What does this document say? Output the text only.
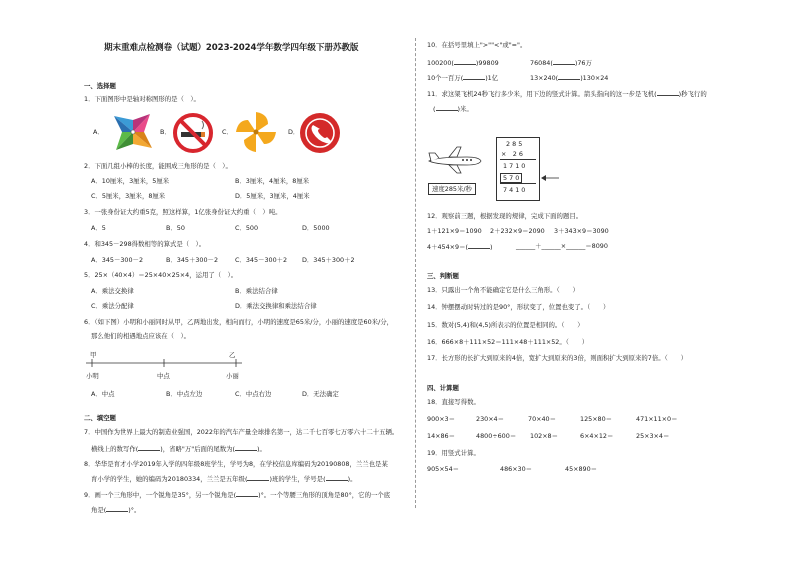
期末重难点检测卷（试题）2023-2024学年数学四年级下册苏教版
一、选择题
1．下面图形中是轴对称图形的是（　）。
A．	B．	C．	D．
2．下面几组小棒的长度，能围成三角形的是（　）。
A．10厘米，3厘米，5厘米	B．3厘米，4厘米，8厘米
C．5厘米，3厘米，8厘米	D．5厘米，3厘米，4厘米
3．一张身份证大约重5克，照这样算，1亿张身份证大约重（　）吨。
A．5	B．50	C．500	D．5000
4．和345－298得数相等的算式是（　）。
A．345－300－2	B．345＋300－2	C．345－300＋2 D．345＋300＋2
5．25×（40×4）＝25×40×25×4，运用了（　）。
A．乘法交换律	B．乘法结合律
C．乘法分配律	D．乘法交换律和乘法结合律
6．（如下图）小明和小丽同时从甲，乙两地出发，相向而行，小明的速度是65米/分，小丽的速度是60米/分，
那么他们的相遇地点应该在（　）。
甲	乙
小明	中点	小丽
A．中点	B．中点左边	C．中点右边	D．无法确定
二、填空题
7．中国作为世界上最大的制造业强国，2022年的汽车产量全球排名第一，达二千七百零七万零六十二十五辆。
横线上的数写作(	)，省略"万"后面的尾数为(	)。
8．华华是育才小学2019年入学的四年级8班学生，学号为8，在学校信息库编码为20190808，兰兰也是某
育小学的学生，她的编码为20180334，兰兰是五年级(	)班的学生，学号是(	)。
9．画一个三角形中，一个锐角是35°，另一个锐角是(	)°。一个等腰三角形的顶角是80°，它的一个底
角是(	)°。
10．在括号里填上">""<"或"="。
100200(	)99809	76084(	)76万
10个一百万(	)1亿	13×240(	)130×24
11．求这架飞机24秒飞行多少米，用下边的竖式计算。箭头指向的这一步是飞机(	)秒飞行的
(	)米。
速度285米/秒
2 8 5
×　2 6
1 7 1 0
5 7 0
7 4 1 0
12．观察前三题，根据发现的规律，完成下面的题目。
1＋121×9＝1090 2＋232×9＝2090 3＋343×9＝3090
4＋454×9＝(	)	______＋______×______＝8090
三、判断题
13．只露出一个角不能确定它是什么三角形。（　　）
14．钟摆摆动时转过的是90°，形状变了，位置也变了。（　　）
15．数对(5,4)和(4,5)所表示的位置是相同的。（　　）
16．666×8＋111×52＝111×48＋111×52。（　　）
17．长方形的长扩大到原来的4倍，宽扩大到原来的3倍，则面积扩大到原来的7倍。（　　）
四、计算题
18．直接写得数。
900×3＝	230×4＝	70×40＝	125×80＝	471×11×0＝
14×86＝	4800÷600＝ 102×8＝	6×4×12＝	25×3×4＝
19．用竖式计算。
905×54＝	486×30＝	45×890＝
